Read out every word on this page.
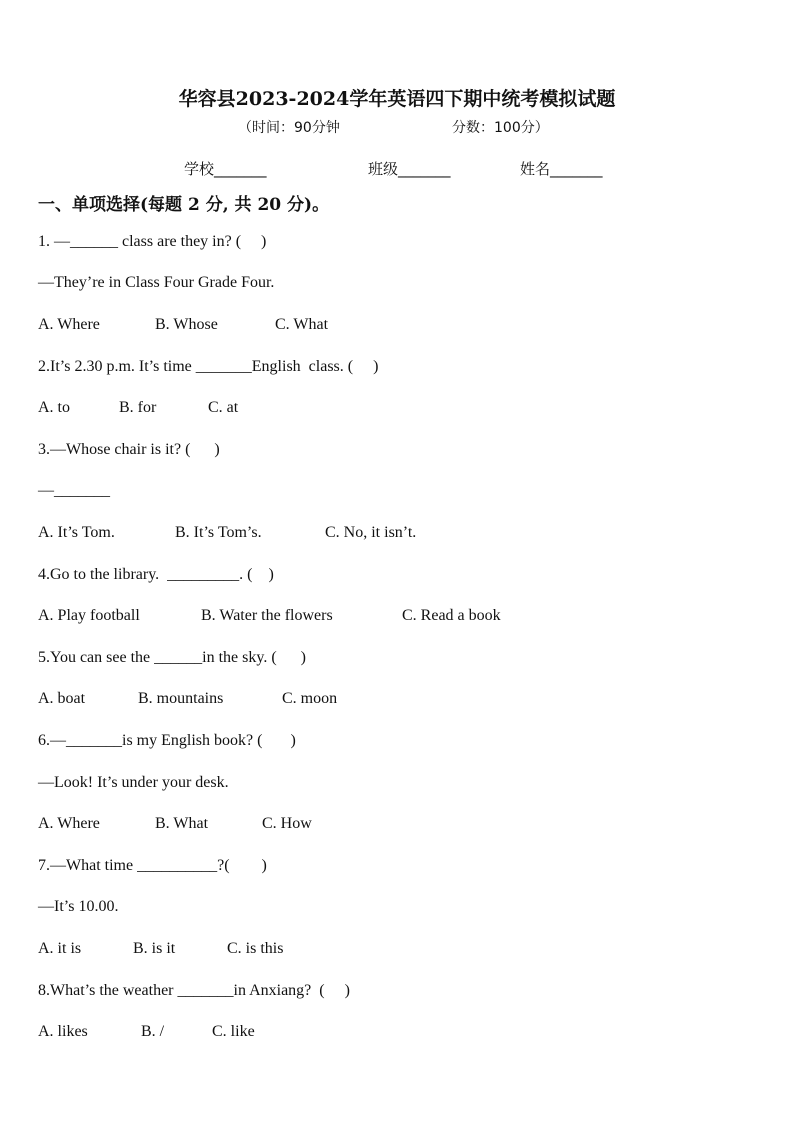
华容县2023-2024学年英语四下期中统考模拟试题
（时间：90分钟	分数：100分）
学校_______	班级_______	姓名_______
一、单项选择(每题 2 分, 共 20 分)。
1. —______ class are they in? (     )
—They’re in Class Four Grade Four.
A. Where	B. Whose	C. What
2.It’s 2.30 p.m. It’s time _______English  class. (     )
A. to	B. for	C. at
3.—Whose chair is it? (      )
—_______
A. It’s Tom.	B. It’s Tom’s.	C. No, it isn’t.
4.Go to the library.  _________. (    )
A. Play football	B. Water the flowers	C. Read a book
5.You can see the ______in the sky. (      )
A. boat	B. mountains	C. moon
6.—_______is my English book? (       )
—Look! It’s under your desk.
A. Where	B. What	C. How
7.—What time __________?(        )
—It’s 10.00.
A. it is	B. is it	C. is this
8.What’s the weather _______in Anxiang?  (     )
A. likes	B. /	C. like
